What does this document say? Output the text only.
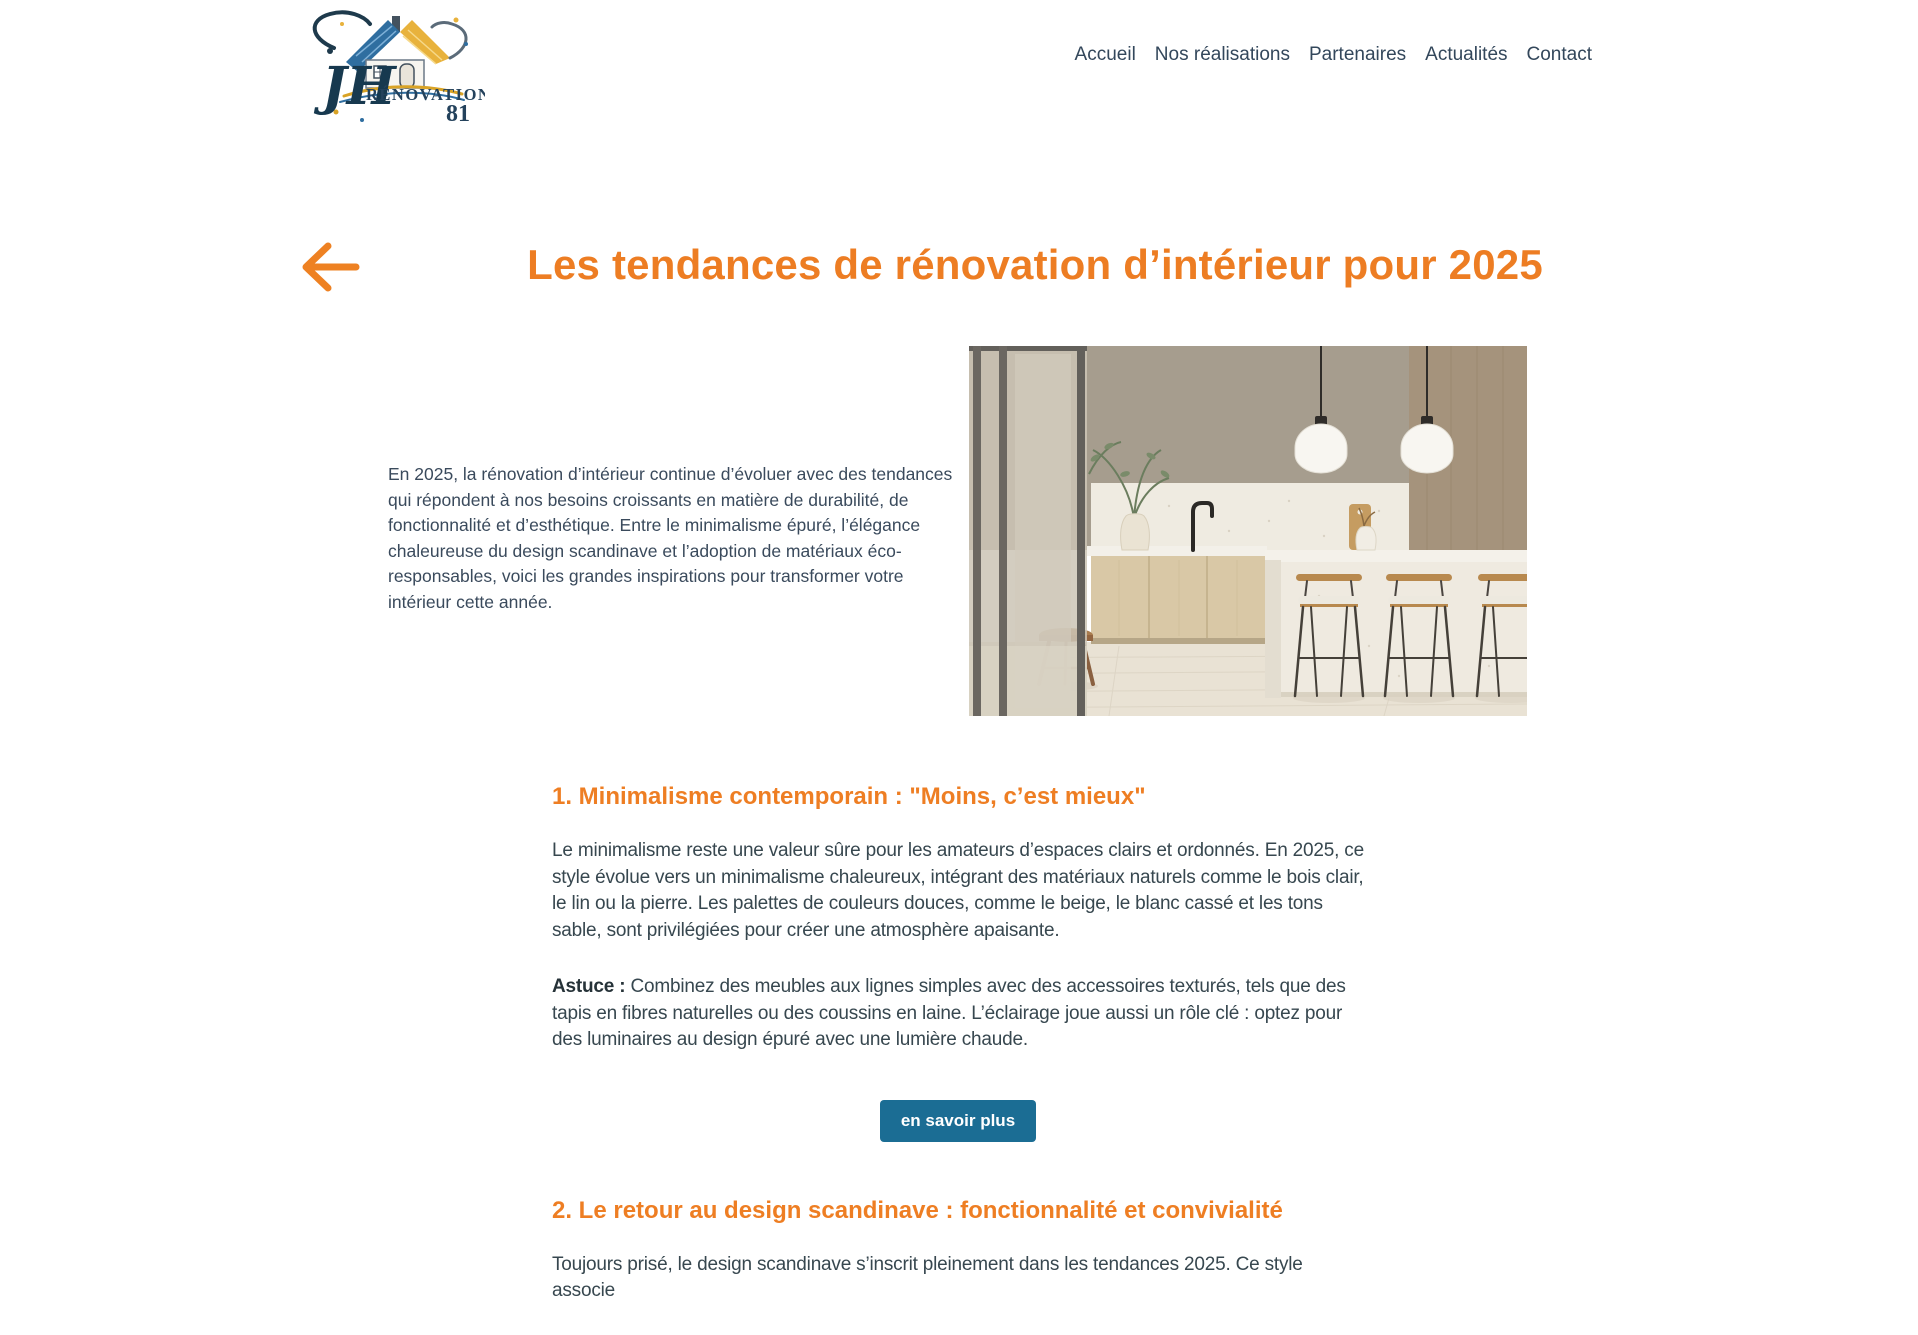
JH
RÉNOVATION
81
Accueil Nos réalisations Partenaires Actualités Contact
Les tendances de rénovation d’intérieur pour 2025

En 2025, la rénovation d’intérieur continue d’évoluer avec des tendances qui répondent à nos besoins croissants en matière de durabilité, de fonctionnalité et d’esthétique. Entre le minimalisme épuré, l’élégance chaleureuse du design scandinave et l’adoption de matériaux éco-responsables, voici les grandes inspirations pour transformer votre intérieur cette année.

1. Minimalisme contemporain : "Moins, c’est mieux"

Le minimalisme reste une valeur sûre pour les amateurs d’espaces clairs et ordonnés. En 2025, ce style évolue vers un minimalisme chaleureux, intégrant des matériaux naturels comme le bois clair, le lin ou la pierre. Les palettes de couleurs douces, comme le beige, le blanc cassé et les tons sable, sont privilégiées pour créer une atmosphère apaisante.

Astuce : Combinez des meubles aux lignes simples avec des accessoires texturés, tels que des tapis en fibres naturelles ou des coussins en laine. L’éclairage joue aussi un rôle clé : optez pour des luminaires au design épuré avec une lumière chaude.

en savoir plus
2. Le retour au design scandinave : fonctionnalité et convivialité

Toujours prisé, le design scandinave s’inscrit pleinement dans les tendances 2025. Ce style associe
